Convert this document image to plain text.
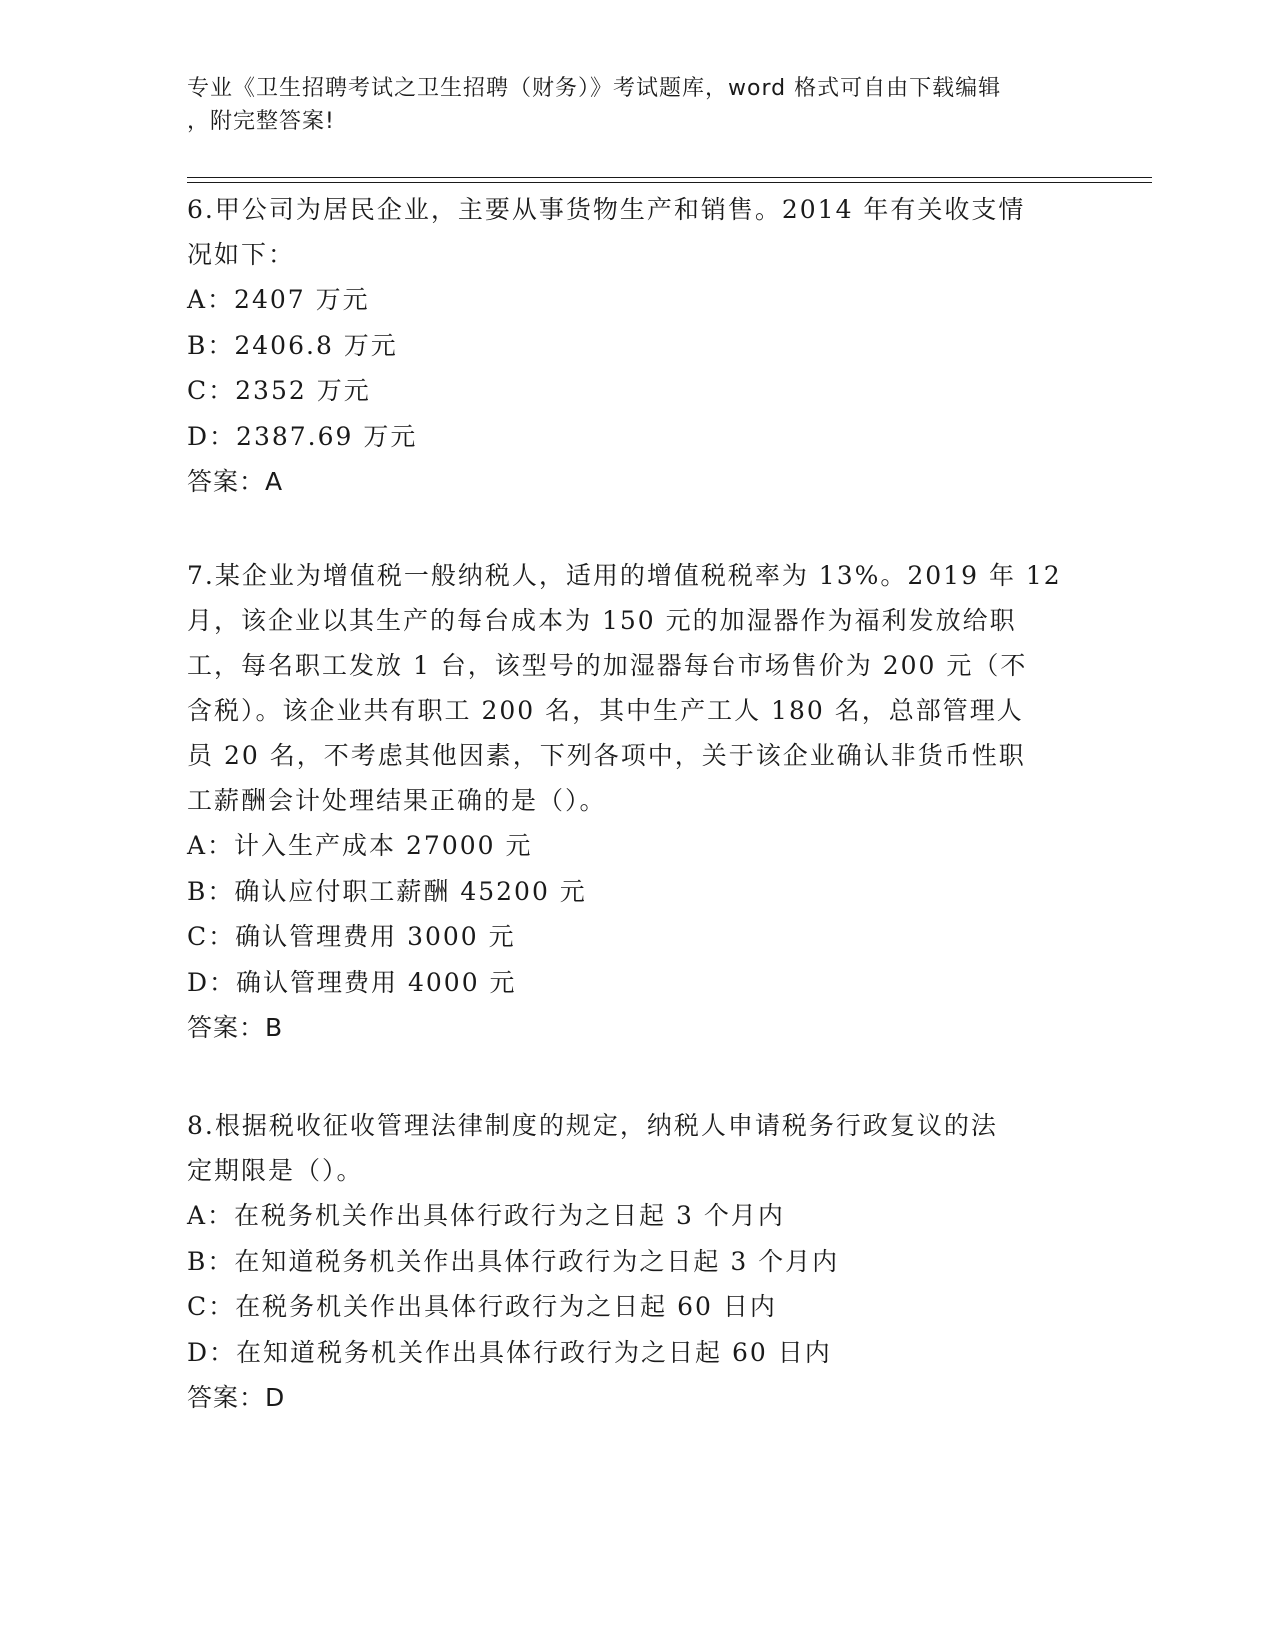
专业《卫生招聘考试之卫生招聘（财务）》考试题库，word 格式可自由下载编辑
，附完整答案!
6.甲公司为居民企业，主要从事货物生产和销售。2014 年有关收支情
况如下：
A：2407 万元
B：2406.8 万元
C：2352 万元
D：2387.69 万元
答案：A
7.某企业为增值税一般纳税人，适用的增值税税率为 13%。2019 年 12
月，该企业以其生产的每台成本为 150 元的加湿器作为福利发放给职
工，每名职工发放 1 台，该型号的加湿器每台市场售价为 200 元（不
含税）。该企业共有职工 200 名，其中生产工人 180 名，总部管理人
员 20 名，不考虑其他因素，下列各项中，关于该企业确认非货币性职
工薪酬会计处理结果正确的是（）。
A：计入生产成本 27000 元
B：确认应付职工薪酬 45200 元
C：确认管理费用 3000 元
D：确认管理费用 4000 元
答案：B
8.根据税收征收管理法律制度的规定，纳税人申请税务行政复议的法
定期限是（）。
A：在税务机关作出具体行政行为之日起 3 个月内
B：在知道税务机关作出具体行政行为之日起 3 个月内
C：在税务机关作出具体行政行为之日起 60 日内
D：在知道税务机关作出具体行政行为之日起 60 日内
答案：D
